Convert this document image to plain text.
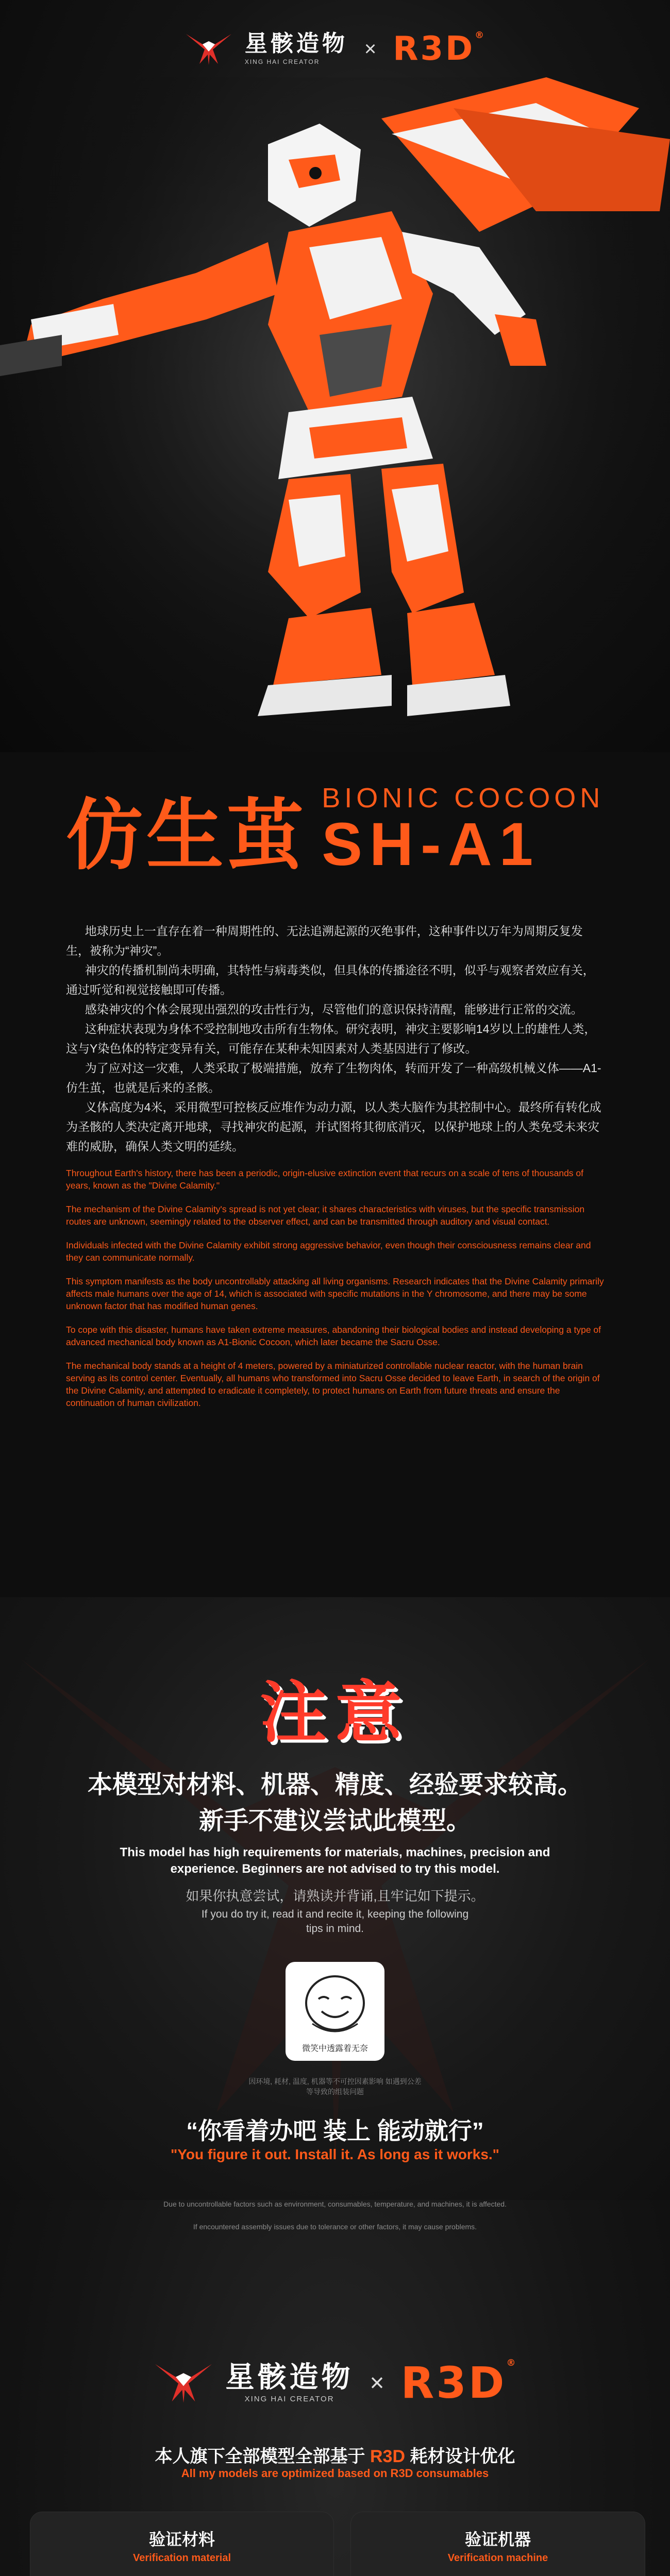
星骸造物
XING HAI CREATOR
× R3D®
仿生茧 BIONIC COCOON
SH-A1

地球历史上一直存在着一种周期性的、无法追溯起源的灭绝事件，这种事件以万年为周期反复发生，被称为“神灾”。

神灾的传播机制尚未明确，其特性与病毒类似，但具体的传播途径不明，似乎与观察者效应有关，通过听觉和视觉接触即可传播。

感染神灾的个体会展现出强烈的攻击性行为，尽管他们的意识保持清醒，能够进行正常的交流。

这种症状表现为身体不受控制地攻击所有生物体。研究表明，神灾主要影响14岁以上的雄性人类，这与Y染色体的特定变异有关，可能存在某种未知因素对人类基因进行了修改。

为了应对这一灾难，人类采取了极端措施，放弃了生物肉体，转而开发了一种高级机械义体——A1-仿生茧，也就是后来的圣骸。

义体高度为4米，采用微型可控核反应堆作为动力源，以人类大脑作为其控制中心。最终所有转化成为圣骸的人类决定离开地球，寻找神灾的起源，并试图将其彻底消灭，以保护地球上的人类免受未来灾难的威胁，确保人类文明的延续。

Throughout Earth's history, there has been a periodic, origin-elusive extinction event that recurs on a scale of tens of thousands of years, known as the "Divine Calamity."

The mechanism of the Divine Calamity's spread is not yet clear; it shares characteristics with viruses, but the specific transmission routes are unknown, seemingly related to the observer effect, and can be transmitted through auditory and visual contact.

Individuals infected with the Divine Calamity exhibit strong aggressive behavior, even though their consciousness remains clear and they can communicate normally.

This symptom manifests as the body uncontrollably attacking all living organisms. Research indicates that the Divine Calamity primarily affects male humans over the age of 14, which is associated with specific mutations in the Y chromosome, and there may be some unknown factor that has modified human genes.

To cope with this disaster, humans have taken extreme measures, abandoning their biological bodies and instead developing a type of advanced mechanical body known as A1-Bionic Cocoon, which later became the Sacru Osse.

The mechanical body stands at a height of 4 meters, powered by a miniaturized controllable nuclear reactor, with the human brain serving as its control center. Eventually, all humans who transformed into Sacru Osse decided to leave Earth, in search of the origin of the Divine Calamity, and attempted to eradicate it completely, to protect humans on Earth from future threats and ensure the continuation of human civilization.

注意
本模型对材料、机器、精度、经验要求较高。
新手不建议尝试此模型。
This model has high requirements for materials, machines, precision and experience. Beginners are not advised to try this model.
如果你执意尝试，请熟读并背诵,且牢记如下提示。
If you do try it, read it and recite it, keeping the following tips in mind.
微笑中透露着无奈
因环境, 耗材, 温度, 机器等不可控因素影响 如遇到公差等导致的组装问题
“你看着办吧 装上 能动就行”
"You figure it out. Install it. As long as it works."
Due to uncontrollable factors such as environment, consumables, temperature, and machines, it is affected.
If encountered assembly issues due to tolerance or other factors, it may cause problems.
星骸造物
XING HAI CREATOR
× R3D®
本人旗下全部模型全部基于 R3D 耗材设计优化
All my models are optimized based on R3D consumables
验证材料
Verification material
验证机器
Verification machine
